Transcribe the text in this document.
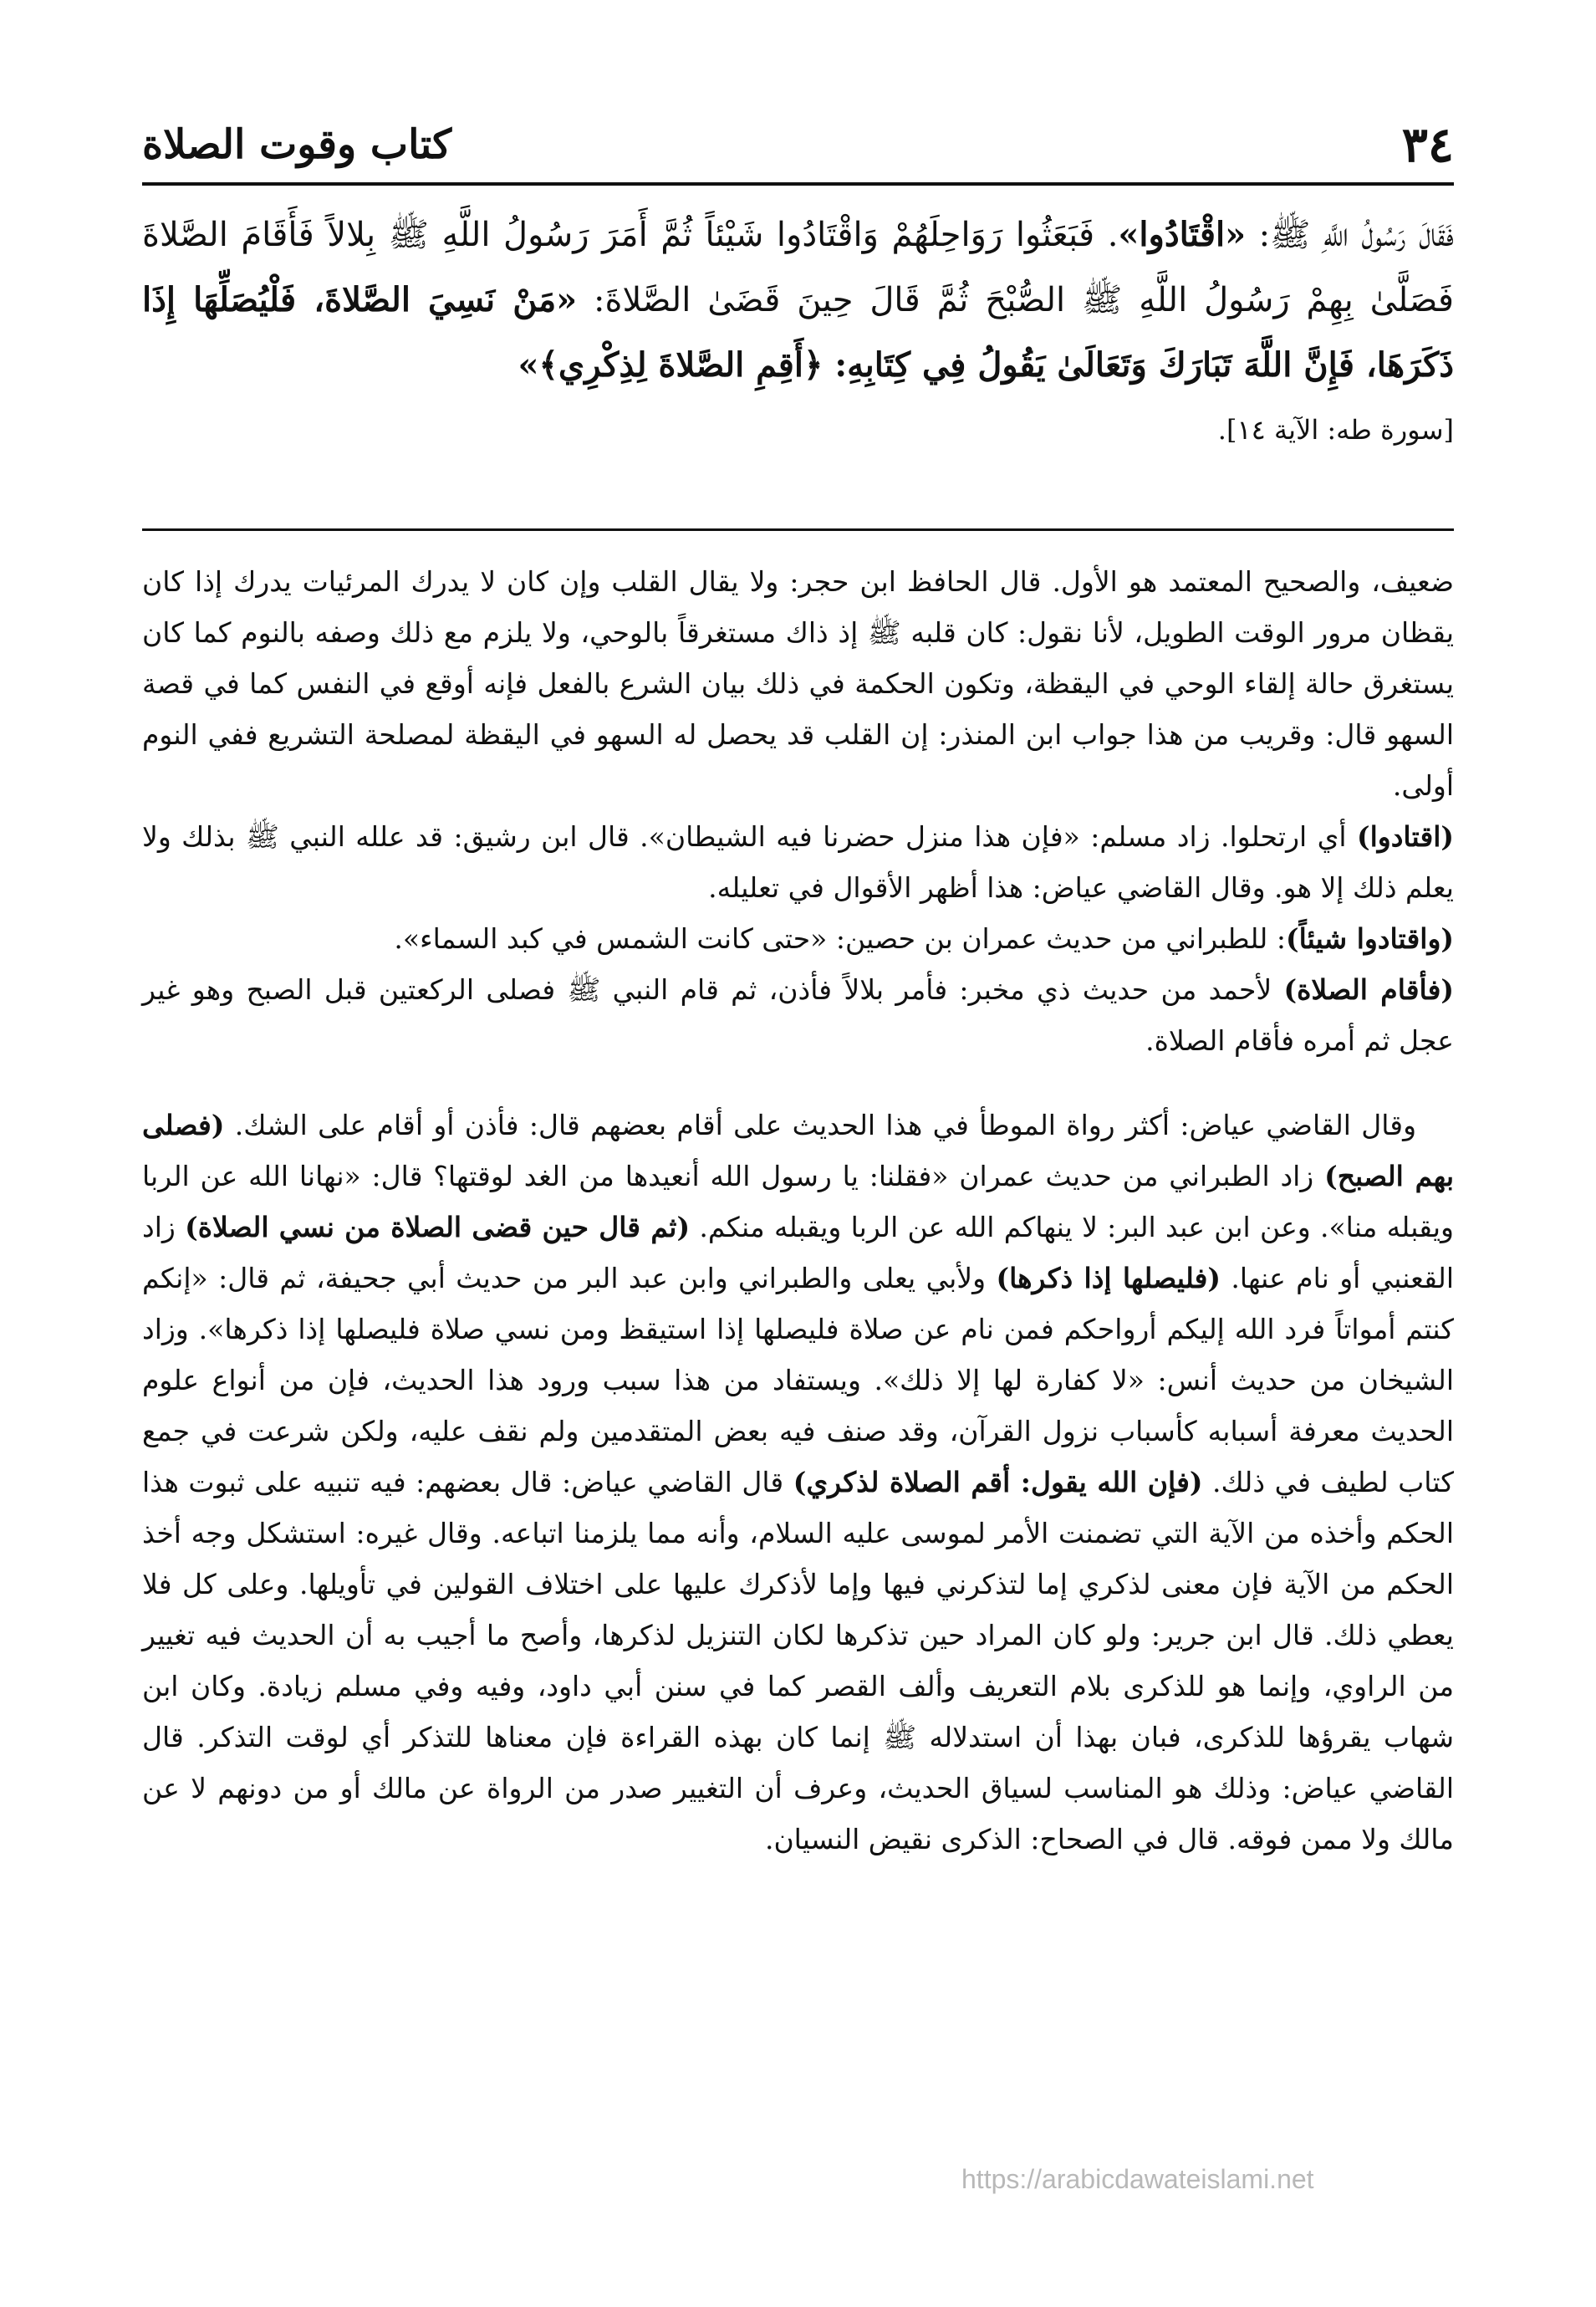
٣٤
كتاب وقوت الصلاة

فَقَالَ رَسُولُ اللَّهِ ﷺ: «اقْتَادُوا». فَبَعَثُوا رَوَاحِلَهُمْ وَاقْتَادُوا شَيْئاً ثُمَّ أَمَرَ رَسُولُ اللَّهِ ﷺ بِلالاً فَأَقَامَ الصَّلاةَ فَصَلَّىٰ بِهِمْ رَسُولُ اللَّهِ ﷺ الصُّبْحَ ثُمَّ قَالَ حِينَ قَضَىٰ الصَّلاةَ: «مَنْ نَسِيَ الصَّلاةَ، فَلْيُصَلِّهَا إِذَا ذَكَرَهَا، فَإِنَّ اللَّهَ تَبَارَكَ وَتَعَالَىٰ يَقُولُ فِي كِتَابِهِ: ﴿أَقِمِ الصَّلاةَ لِذِكْرِي﴾»

[سورة طه: الآية ١٤].

ضعيف، والصحيح المعتمد هو الأول. قال الحافظ ابن حجر: ولا يقال القلب وإن كان لا يدرك المرئيات يدرك إذا كان يقظان مرور الوقت الطويل، لأنا نقول: كان قلبه ﷺ إذ ذاك مستغرقاً بالوحي، ولا يلزم مع ذلك وصفه بالنوم كما كان يستغرق حالة إلقاء الوحي في اليقظة، وتكون الحكمة في ذلك بيان الشرع بالفعل فإنه أوقع في النفس كما في قصة السهو قال: وقريب من هذا جواب ابن المنذر: إن القلب قد يحصل له السهو في اليقظة لمصلحة التشريع ففي النوم أولى.

(اقتادوا) أي ارتحلوا. زاد مسلم: «فإن هذا منزل حضرنا فيه الشيطان». قال ابن رشيق: قد علله النبي ﷺ بذلك ولا يعلم ذلك إلا هو. وقال القاضي عياض: هذا أظهر الأقوال في تعليله.

(واقتادوا شيئاً): للطبراني من حديث عمران بن حصين: «حتى كانت الشمس في كبد السماء».

(فأقام الصلاة) لأحمد من حديث ذي مخبر: فأمر بلالاً فأذن، ثم قام النبي ﷺ فصلى الركعتين قبل الصبح وهو غير عجل ثم أمره فأقام الصلاة.

وقال القاضي عياض: أكثر رواة الموطأ في هذا الحديث على أقام بعضهم قال: فأذن أو أقام على الشك. (فصلى بهم الصبح) زاد الطبراني من حديث عمران «فقلنا: يا رسول الله أنعيدها من الغد لوقتها؟ قال: «نهانا الله عن الربا ويقبله منا». وعن ابن عبد البر: لا ينهاكم الله عن الربا ويقبله منكم. (ثم قال حين قضى الصلاة من نسي الصلاة) زاد القعنبي أو نام عنها. (فليصلها إذا ذكرها) ولأبي يعلى والطبراني وابن عبد البر من حديث أبي جحيفة، ثم قال: «إنكم كنتم أمواتاً فرد الله إليكم أرواحكم فمن نام عن صلاة فليصلها إذا استيقظ ومن نسي صلاة فليصلها إذا ذكرها». وزاد الشيخان من حديث أنس: «لا كفارة لها إلا ذلك». ويستفاد من هذا سبب ورود هذا الحديث، فإن من أنواع علوم الحديث معرفة أسبابه كأسباب نزول القرآن، وقد صنف فيه بعض المتقدمين ولم نقف عليه، ولكن شرعت في جمع كتاب لطيف في ذلك. (فإن الله يقول: أقم الصلاة لذكري) قال القاضي عياض: قال بعضهم: فيه تنبيه على ثبوت هذا الحكم وأخذه من الآية التي تضمنت الأمر لموسى عليه السلام، وأنه مما يلزمنا اتباعه. وقال غيره: استشكل وجه أخذ الحكم من الآية فإن معنى لذكري إما لتذكرني فيها وإما لأذكرك عليها على اختلاف القولين في تأويلها. وعلى كل فلا يعطي ذلك. قال ابن جرير: ولو كان المراد حين تذكرها لكان التنزيل لذكرها، وأصح ما أجيب به أن الحديث فيه تغيير من الراوي، وإنما هو للذكرى بلام التعريف وألف القصر كما في سنن أبي داود، وفيه وفي مسلم زيادة. وكان ابن شهاب يقرؤها للذكرى، فبان بهذا أن استدلاله ﷺ إنما كان بهذه القراءة فإن معناها للتذكر أي لوقت التذكر. قال القاضي عياض: وذلك هو المناسب لسياق الحديث، وعرف أن التغيير صدر من الرواة عن مالك أو من دونهم لا عن مالك ولا ممن فوقه. قال في الصحاح: الذكرى نقيض النسيان.

https://arabicdawateislami.net
